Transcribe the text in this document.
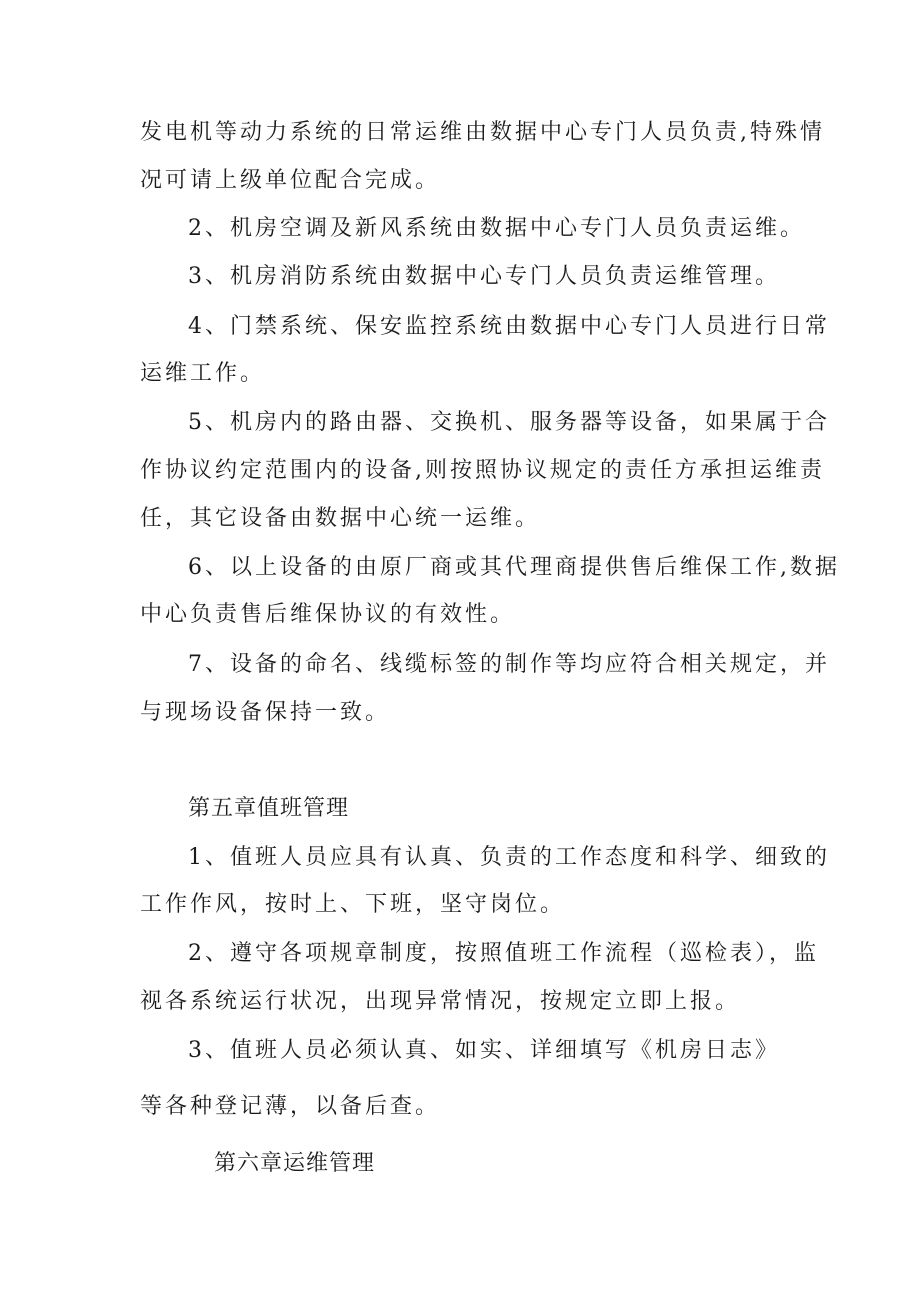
发电机等动力系统的日常运维由数据中心专门人员负责,特殊情
况可请上级单位配合完成。
2、机房空调及新风系统由数据中心专门人员负责运维。
3、机房消防系统由数据中心专门人员负责运维管理。
4、门禁系统、保安监控系统由数据中心专门人员进行日常
运维工作。
5、机房内的路由器、交换机、服务器等设备，如果属于合
作协议约定范围内的设备,则按照协议规定的责任方承担运维责
任，其它设备由数据中心统一运维。
6、以上设备的由原厂商或其代理商提供售后维保工作,数据
中心负责售后维保协议的有效性。
7、设备的命名、线缆标签的制作等均应符合相关规定，并
与现场设备保持一致。
第五章值班管理
1、值班人员应具有认真、负责的工作态度和科学、细致的
工作作风，按时上、下班，坚守岗位。
2、遵守各项规章制度，按照值班工作流程（巡检表），监
视各系统运行状况，出现异常情况，按规定立即上报。
3、值班人员必须认真、如实、详细填写《机房日志》
等各种登记薄，以备后查。
第六章运维管理
